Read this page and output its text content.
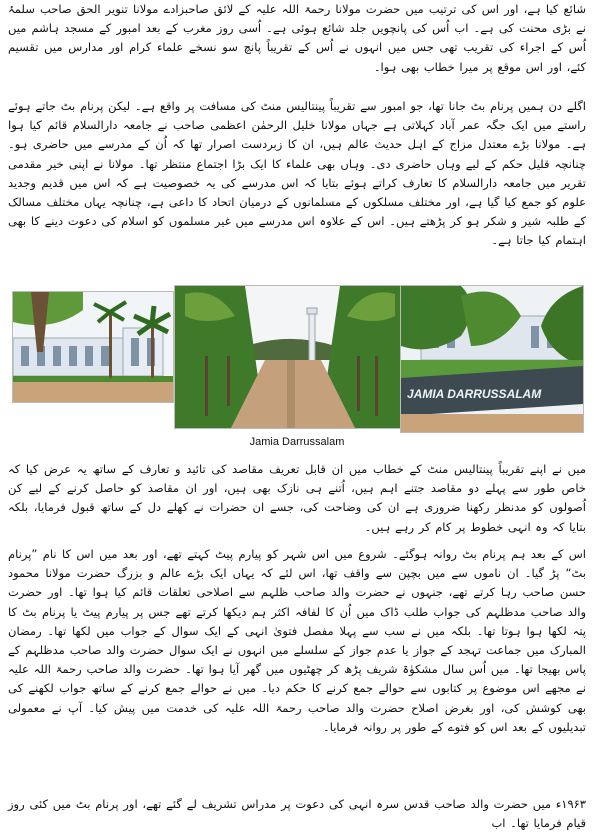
شائع کیا ہے، اور اس کی ترتیب میں حضرت مولانا رحمۃ اللہ علیہ کے لائق صاحبزادے مولانا تنویر الحق صاحب سلمۂ نے بڑی محنت کی ہے۔ اب اُس کی پانچویں جلد شائع ہوئی ہے۔ اُسی روز مغرب کے بعد امبور کے مسجد ہاشم میں اُس کے اجراء کی تقریب تھی جس میں انہوں نے اُس کے تقریباً پانچ سو نسخے علماء کرام اور مدارس میں تقسیم کئے، اور اس موقع پر میرا خطاب بھی ہوا۔

اگلے دن ہمیں پرنام بٹ جانا تھا، جو امبور سے تقریباً پینتالیس منٹ کی مسافت پر واقع ہے۔ لیکن پرنام بٹ جاتے ہوئے راستے میں ایک جگہ عمر آباد کہلاتی ہے جہاں مولانا خلیل الرحمٰن اعظمی صاحب نے جامعہ دارالسلام قائم کیا ہوا ہے۔ مولانا بڑے معتدل مزاج کے اہل حدیث عالم ہیں، ان کا زبردست اصرار تھا کہ اُن کے مدرسے میں حاضری ہو۔ چنانچہ قلیل حکم کے لیے وہاں حاضری دی۔ وہاں بھی علماء کا ایک بڑا اجتماع منتظر تھا۔ مولانا نے اپنی خیر مقدمی تقریر میں جامعہ دارالسلام کا تعارف کراتے ہوئے بتایا کہ اس مدرسے کی یہ خصوصیت ہے کہ اس میں قدیم وجدید علوم کو جمع کیا گیا ہے، اور مختلف مسلکوں کے مسلمانوں کے درمیان اتحاد کا داعی ہے، چنانچہ یہاں مختلف مسالک کے طلبہ شیر و شکر ہو کر پڑھتے ہیں۔ اس کے علاوہ اس مدرسے میں غیر مسلموں کو اسلام کی دعوت دینے کا بھی اہتمام کیا جاتا ہے۔

JAMIA DARRUSSALAM
Jamia Darrussalam

میں نے اپنے تقریباً پینتالیس منٹ کے خطاب میں ان قابل تعریف مقاصد کی تائید و تعارف کے ساتھ یہ عرض کیا کہ خاص طور سے پہلے دو مقاصد جتنے اہم ہیں، اُتنے ہی نازک بھی ہیں، اور ان مقاصد کو حاصل کرنے کے لیے کن اُصولوں کو مدنظر رکھنا ضروری ہے ان کی وضاحت کی، جسے ان حضرات نے کھلے دل کے ساتھ قبول فرمایا، بلکہ بتایا کہ وہ انہی خطوط پر کام کر رہے ہیں۔

اس کے بعد ہم پرنام بٹ روانہ ہوگئے۔ شروع میں اس شہر کو پیارم پیٹ کہتے تھے، اور بعد میں اس کا نام ”پرنام بٹ“ پڑ گیا۔ ان ناموں سے میں بچپن سے واقف تھا، اس لئے کہ یہاں ایک بڑے عالم و بزرگ حضرت مولانا محمود حسن صاحب رہا کرتے تھے، جنہوں نے حضرت والد صاحب ظلہم سے اصلاحی تعلقات قائم کیا ہوا تھا۔ اور حضرت والد صاحب مدظلہم کی جواب طلب ڈاک میں اُن کا لفافہ اکثر ہم دیکھا کرتے تھے جس پر پیارم پیٹ یا پرنام بٹ کا پتہ لکھا ہوا ہوتا تھا۔ بلکہ میں نے سب سے پہلا مفصل فتویٰ انہی کے ایک سوال کے جواب میں لکھا تھا۔ رمضان المبارک میں جماعت تہجد کے جواز یا عدم جواز کے سلسلے میں انہوں نے ایک سوال حضرت والد صاحب مدظلہم کے پاس بھیجا تھا۔ میں اُس سال مشکوٰۃ شریف پڑھ کر چھٹیوں میں گھر آیا ہوا تھا۔ حضرت والد صاحب رحمۃ اللہ علیہ نے مجھے اس موضوع پر کتابوں سے حوالے جمع کرنے کا حکم دیا۔ میں نے حوالے جمع کرنے کے ساتھ جواب لکھنے کی بھی کوشش کی، اور بغرض اصلاح حضرت والد صاحب رحمۃ اللہ علیہ کی خدمت میں پیش کیا۔ آپ نے معمولی تبدیلیوں کے بعد اس کو فتوے کے طور پر روانہ فرمایا۔

۱۹۶۳ء میں حضرت والد صاحب قدس سرہ انہی کی دعوت پر مدراس تشریف لے گئے تھے، اور پرنام بٹ میں کئی روز قیام فرمایا تھا۔ اب
